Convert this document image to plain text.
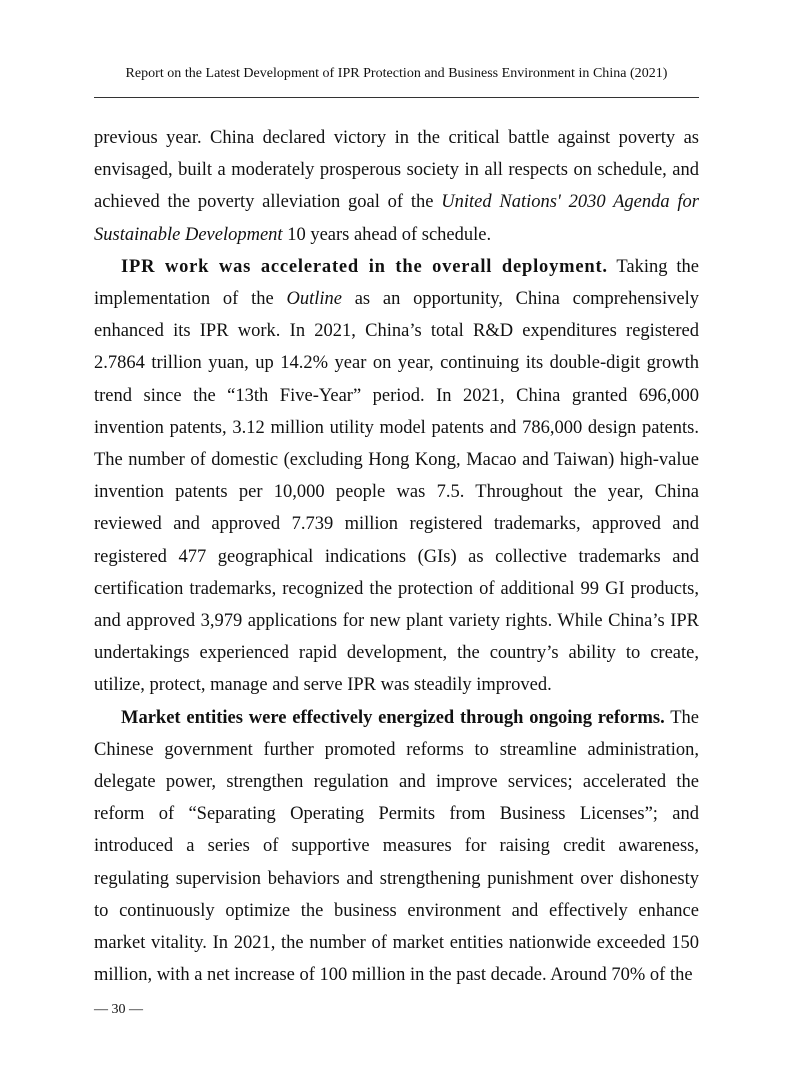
Report on the Latest Development of IPR Protection and Business Environment in China (2021)

previous year. China declared victory in the critical battle against poverty as envisaged, built a moderately prosperous society in all respects on schedule, and achieved the poverty alleviation goal of the United Nations' 2030 Agenda for Sustainable Development 10 years ahead of schedule.

IPR work was accelerated in the overall deployment. Taking the implementation of the Outline as an opportunity, China comprehensively enhanced its IPR work. In 2021, China’s total R&D expenditures registered 2.7864 trillion yuan, up 14.2% year on year, continuing its double-digit growth trend since the “13th Five-Year” period. In 2021, China granted 696,000 invention patents, 3.12 million utility model patents and 786,000 design patents. The number of domestic (excluding Hong Kong, Macao and Taiwan) high-value invention patents per 10,000 people was 7.5. Throughout the year, China reviewed and approved 7.739 million registered trademarks, approved and registered 477 geographical indications (GIs) as collective trademarks and certification trademarks, recognized the protection of additional 99 GI products, and approved 3,979 applications for new plant variety rights. While China’s IPR undertakings experienced rapid development, the country’s ability to create, utilize, protect, manage and serve IPR was steadily improved.

Market entities were effectively energized through ongoing reforms. The Chinese government further promoted reforms to streamline administration, delegate power, strengthen regulation and improve services; accelerated the reform of “Separating Operating Permits from Business Licenses”; and introduced a series of supportive measures for raising credit awareness, regulating supervision behaviors and strengthening punishment over dishonesty to continuously optimize the business environment and effectively enhance market vitality. In 2021, the number of market entities nationwide exceeded 150 million, with a net increase of 100 million in the past decade. Around 70% of the

— 30 —
